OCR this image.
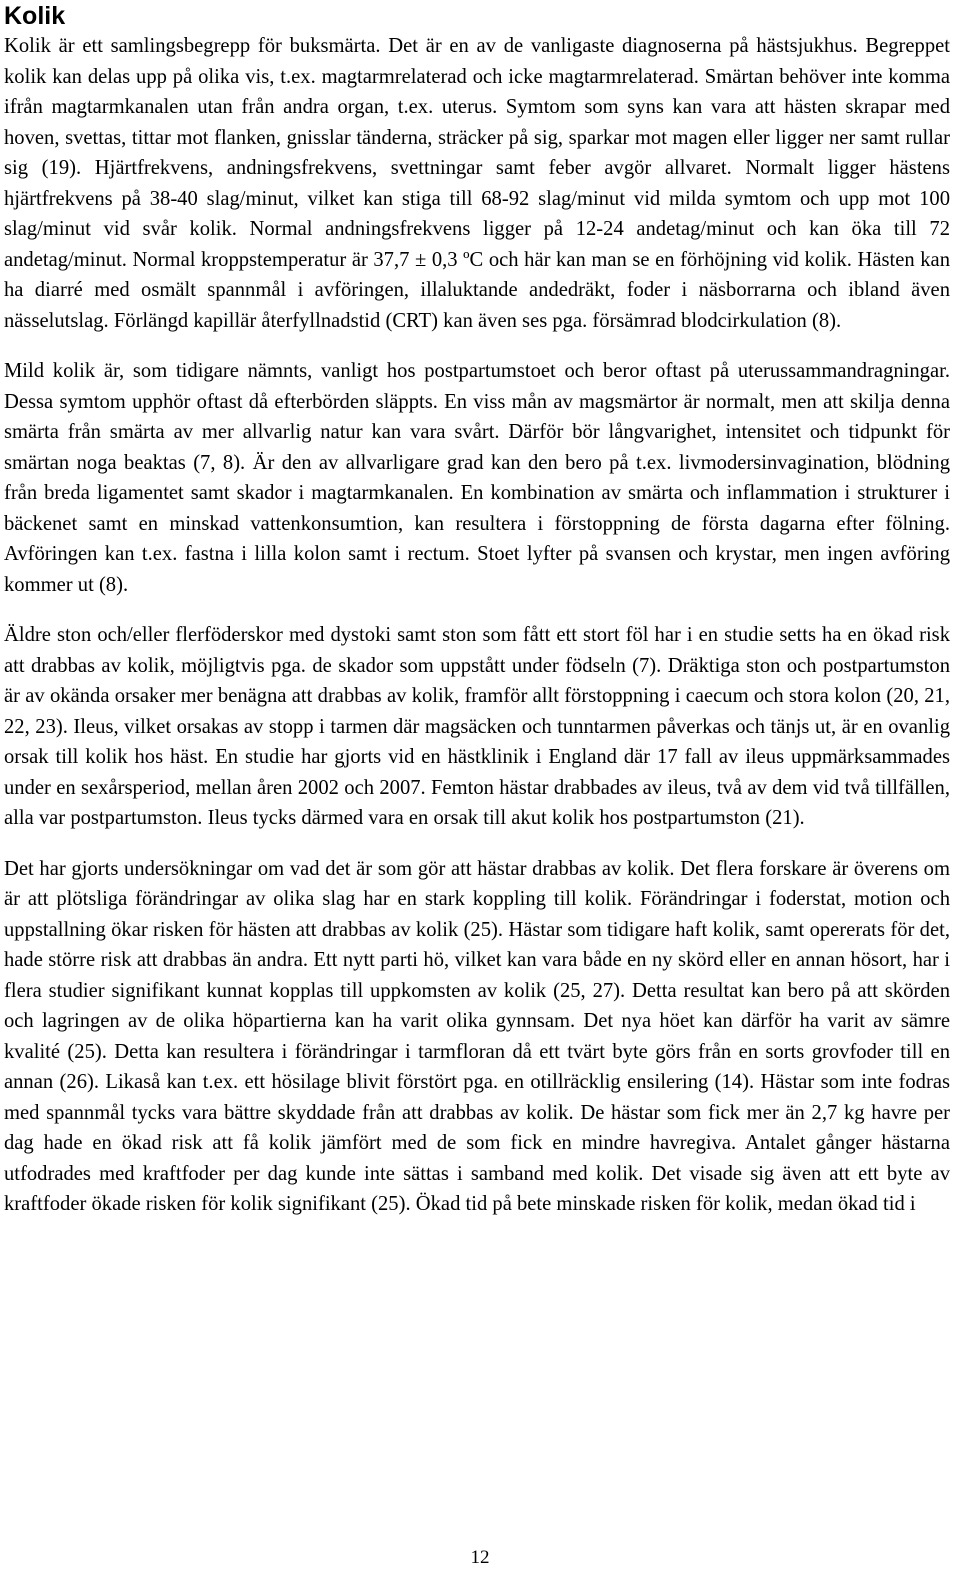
Kolik

Kolik är ett samlingsbegrepp för buksmärta. Det är en av de vanligaste diagnoserna på hästsjukhus. Begreppet kolik kan delas upp på olika vis, t.ex. magtarmrelaterad och icke magtarmrelaterad. Smärtan behöver inte komma ifrån magtarmkanalen utan från andra organ, t.ex. uterus. Symtom som syns kan vara att hästen skrapar med hoven, svettas, tittar mot flanken, gnisslar tänderna, sträcker på sig, sparkar mot magen eller ligger ner samt rullar sig (19). Hjärtfrekvens, andningsfrekvens, svettningar samt feber avgör allvaret. Normalt ligger hästens hjärtfrekvens på 38-40 slag/minut, vilket kan stiga till 68-92 slag/minut vid milda symtom och upp mot 100 slag/minut vid svår kolik. Normal andningsfrekvens ligger på 12-24 andetag/minut och kan öka till 72 andetag/minut. Normal kroppstemperatur är 37,7 ± 0,3 ºC och här kan man se en förhöjning vid kolik. Hästen kan ha diarré med osmält spannmål i avföringen, illaluktande andedräkt, foder i näsborrarna och ibland även nässelutslag. Förlängd kapillär återfyllnadstid (CRT) kan även ses pga. försämrad blodcirkulation (8).

Mild kolik är, som tidigare nämnts, vanligt hos postpartumstoet och beror oftast på uterussammandragningar. Dessa symtom upphör oftast då efterbörden släppts. En viss mån av magsmärtor är normalt, men att skilja denna smärta från smärta av mer allvarlig natur kan vara svårt. Därför bör långvarighet, intensitet och tidpunkt för smärtan noga beaktas (7, 8). Är den av allvarligare grad kan den bero på t.ex. livmodersinvagination, blödning från breda ligamentet samt skador i magtarmkanalen. En kombination av smärta och inflammation i strukturer i bäckenet samt en minskad vattenkonsumtion, kan resultera i förstoppning de första dagarna efter fölning. Avföringen kan t.ex. fastna i lilla kolon samt i rectum. Stoet lyfter på svansen och krystar, men ingen avföring kommer ut (8).

Äldre ston och/eller flerföderskor med dystoki samt ston som fått ett stort föl har i en studie setts ha en ökad risk att drabbas av kolik, möjligtvis pga. de skador som uppstått under födseln (7). Dräktiga ston och postpartumston är av okända orsaker mer benägna att drabbas av kolik, framför allt förstoppning i caecum och stora kolon (20, 21, 22, 23). Ileus, vilket orsakas av stopp i tarmen där magsäcken och tunntarmen påverkas och tänjs ut, är en ovanlig orsak till kolik hos häst. En studie har gjorts vid en hästklinik i England där 17 fall av ileus uppmärksammades under en sexårsperiod, mellan åren 2002 och 2007. Femton hästar drabbades av ileus, två av dem vid två tillfällen, alla var postpartumston. Ileus tycks därmed vara en orsak till akut kolik hos postpartumston (21).

Det har gjorts undersökningar om vad det är som gör att hästar drabbas av kolik. Det flera forskare är överens om är att plötsliga förändringar av olika slag har en stark koppling till kolik. Förändringar i foderstat, motion och uppstallning ökar risken för hästen att drabbas av kolik (25). Hästar som tidigare haft kolik, samt opererats för det, hade större risk att drabbas än andra. Ett nytt parti hö, vilket kan vara både en ny skörd eller en annan hösort, har i flera studier signifikant kunnat kopplas till uppkomsten av kolik (25, 27). Detta resultat kan bero på att skörden och lagringen av de olika höpartierna kan ha varit olika gynnsam. Det nya höet kan därför ha varit av sämre kvalité (25). Detta kan resultera i förändringar i tarmfloran då ett tvärt byte görs från en sorts grovfoder till en annan (26). Likaså kan t.ex. ett hösilage blivit förstört pga. en otillräcklig ensilering (14). Hästar som inte fodras med spannmål tycks vara bättre skyddade från att drabbas av kolik. De hästar som fick mer än 2,7 kg havre per dag hade en ökad risk att få kolik jämfört med de som fick en mindre havregiva. Antalet gånger hästarna utfodrades med kraftfoder per dag kunde inte sättas i samband med kolik. Det visade sig även att ett byte av kraftfoder ökade risken för kolik signifikant (25). Ökad tid på bete minskade risken för kolik, medan ökad tid i

12
